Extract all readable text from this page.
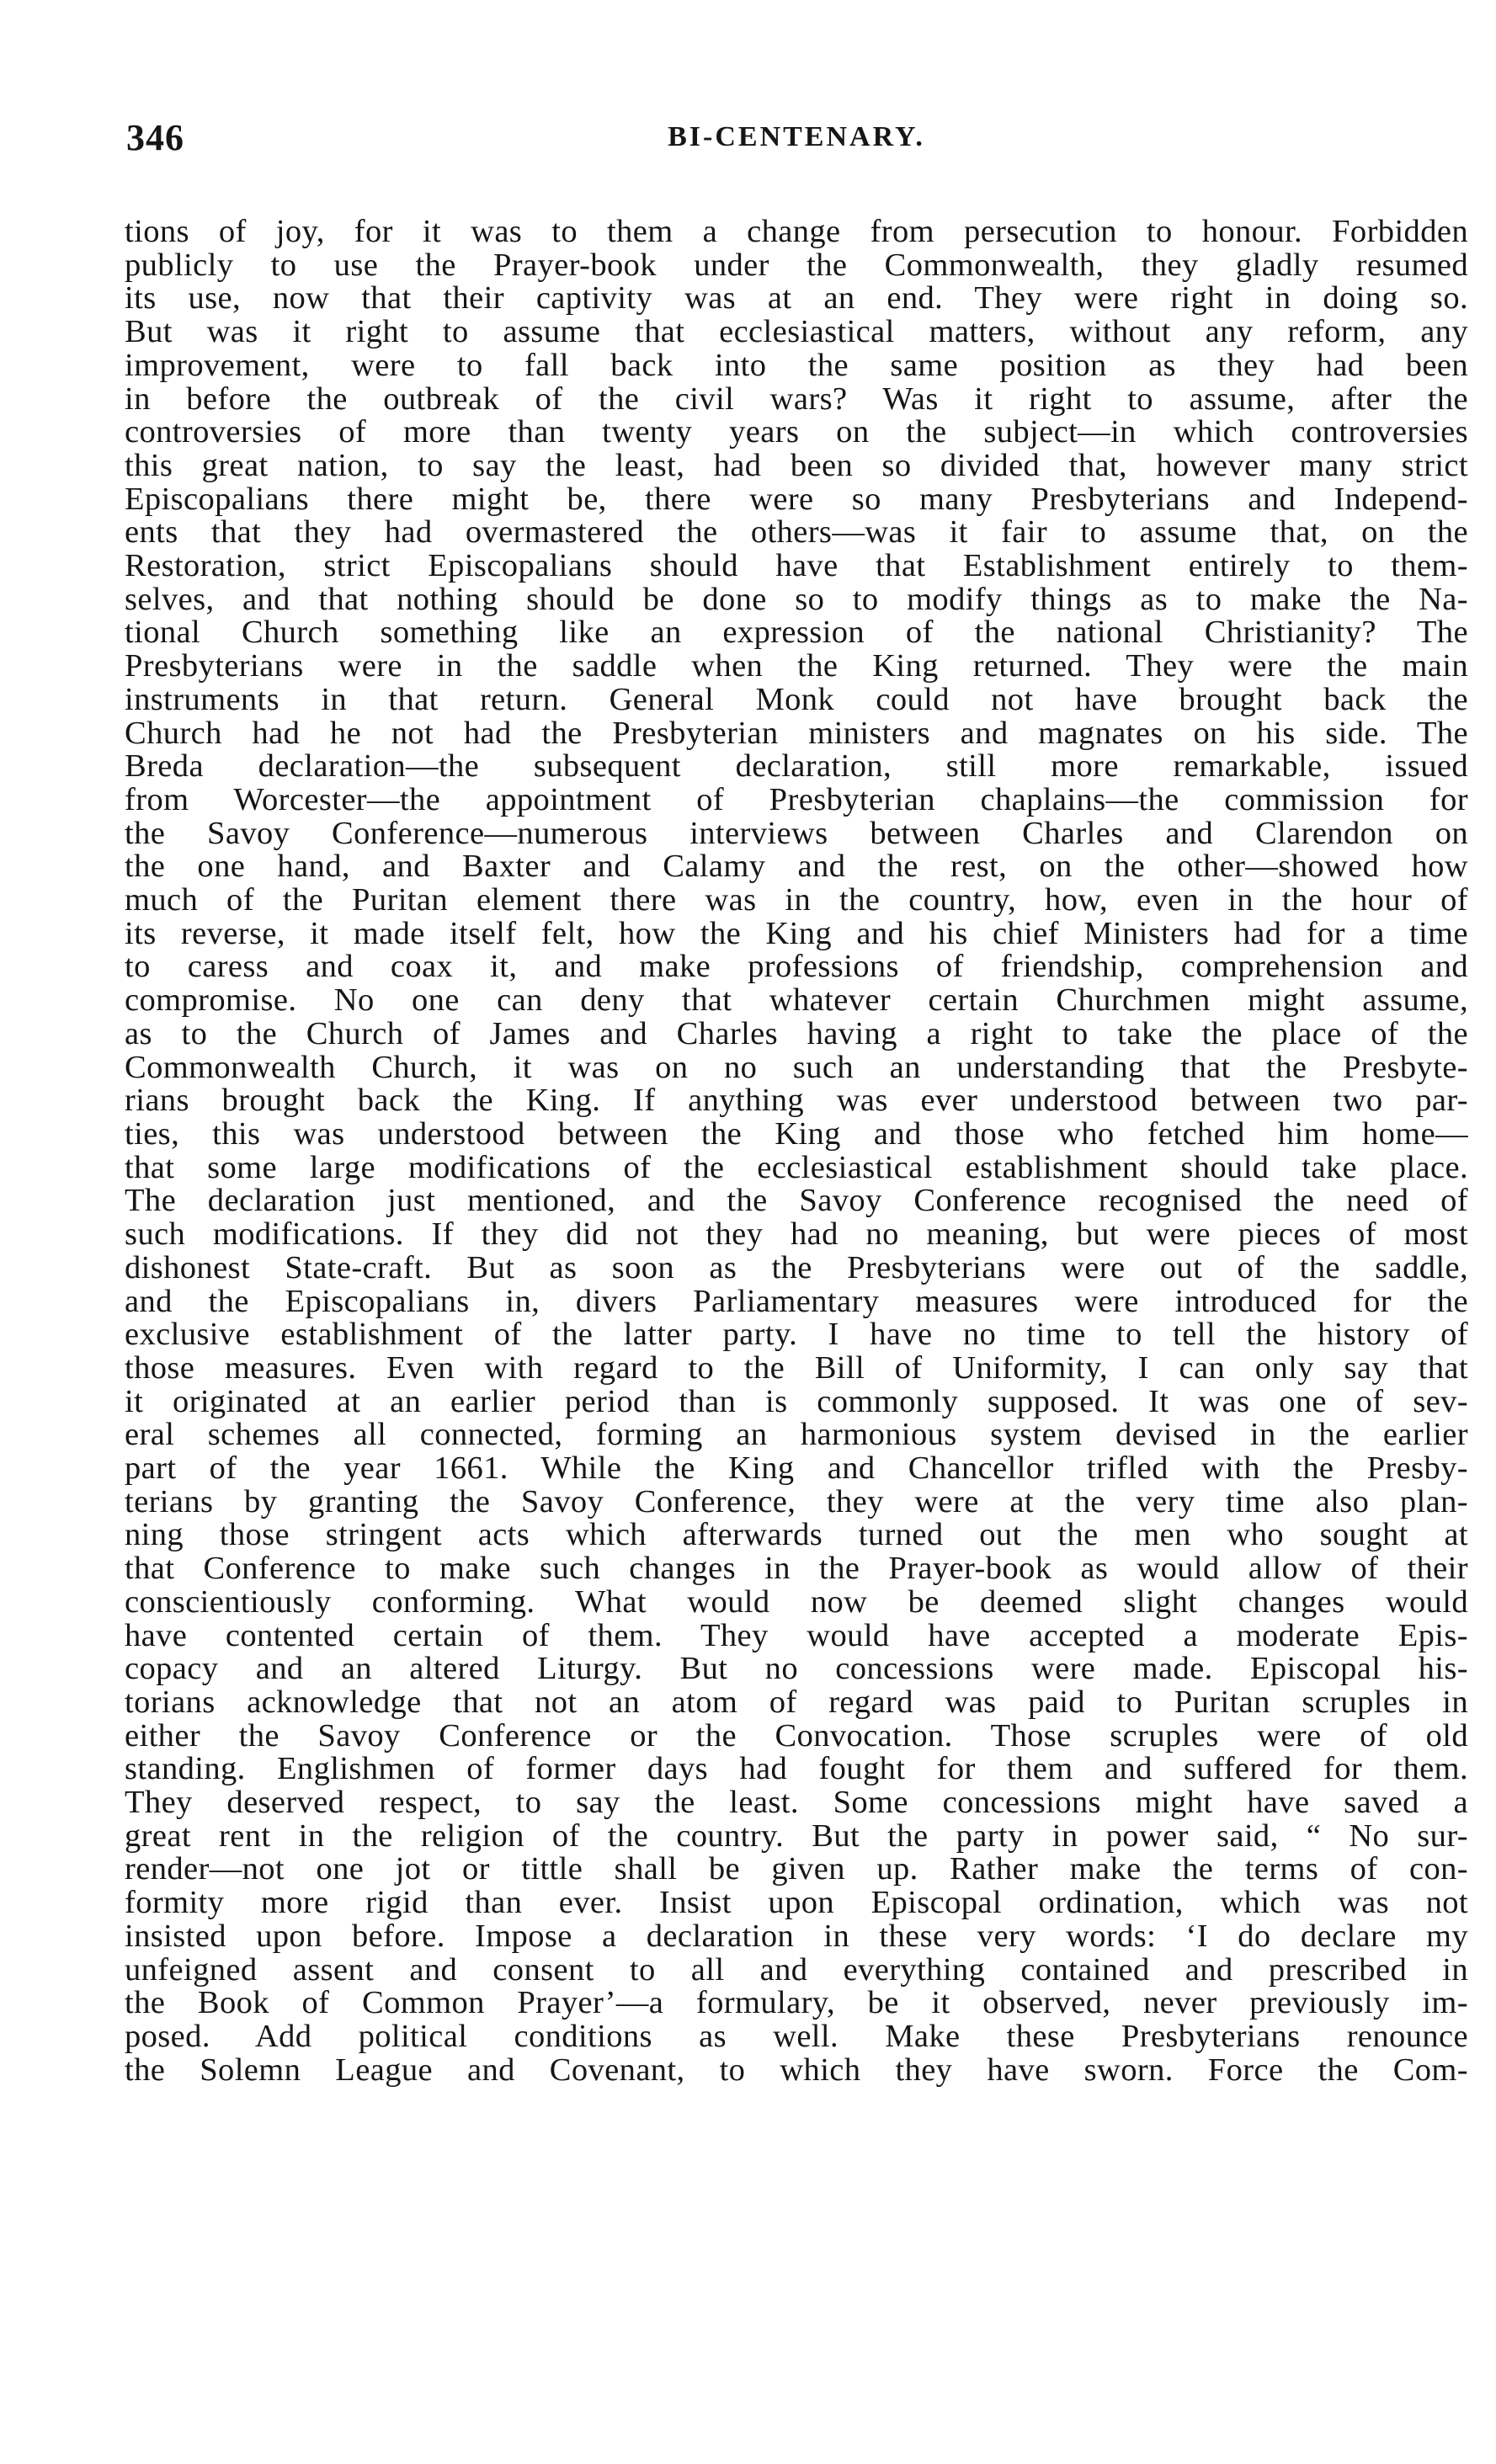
346	BI-CENTENARY.
tions of joy, for it was to them a change from persecution to honour. Forbidden
publicly to use the Prayer-book under the Commonwealth, they gladly resumed
its use, now that their captivity was at an end. They were right in doing so.
But was it right to assume that ecclesiastical matters, without any reform, any
improvement, were to fall back into the same position as they had been
in before the outbreak of the civil wars? Was it right to assume, after the
controversies of more than twenty years on the subject—in which controversies
this great nation, to say the least, had been so divided that, however many strict
Episcopalians there might be, there were so many Presbyterians and Independ-
ents that they had overmastered the others—was it fair to assume that, on the
Restoration, strict Episcopalians should have that Establishment entirely to them-
selves, and that nothing should be done so to modify things as to make the Na-
tional Church something like an expression of the national Christianity? The
Presbyterians were in the saddle when the King returned. They were the main
instruments in that return. General Monk could not have brought back the
Church had he not had the Presbyterian ministers and magnates on his side. The
Breda declaration—the subsequent declaration, still more remarkable, issued
from Worcester—the appointment of Presbyterian chaplains—the commission for
the Savoy Conference—numerous interviews between Charles and Clarendon on
the one hand, and Baxter and Calamy and the rest, on the other—showed how
much of the Puritan element there was in the country, how, even in the hour of
its reverse, it made itself felt, how the King and his chief Ministers had for a time
to caress and coax it, and make professions of friendship, comprehension and
compromise. No one can deny that whatever certain Churchmen might assume,
as to the Church of James and Charles having a right to take the place of the
Commonwealth Church, it was on no such an understanding that the Presbyte-
rians brought back the King. If anything was ever understood between two par-
ties, this was understood between the King and those who fetched him home—
that some large modifications of the ecclesiastical establishment should take place.
The declaration just mentioned, and the Savoy Conference recognised the need of
such modifications. If they did not they had no meaning, but were pieces of most
dishonest State-craft. But as soon as the Presbyterians were out of the saddle,
and the Episcopalians in, divers Parliamentary measures were introduced for the
exclusive establishment of the latter party. I have no time to tell the history of
those measures. Even with regard to the Bill of Uniformity, I can only say that
it originated at an earlier period than is commonly supposed. It was one of sev-
eral schemes all connected, forming an harmonious system devised in the earlier
part of the year 1661. While the King and Chancellor trifled with the Presby-
terians by granting the Savoy Conference, they were at the very time also plan-
ning those stringent acts which afterwards turned out the men who sought at
that Conference to make such changes in the Prayer-book as would allow of their
conscientiously conforming. What would now be deemed slight changes would
have contented certain of them. They would have accepted a moderate Epis-
copacy and an altered Liturgy. But no concessions were made. Episcopal his-
torians acknowledge that not an atom of regard was paid to Puritan scruples in
either the Savoy Conference or the Convocation. Those scruples were of old
standing. Englishmen of former days had fought for them and suffered for them.
They deserved respect, to say the least. Some concessions might have saved a
great rent in the religion of the country. But the party in power said, “ No sur-
render—not one jot or tittle shall be given up. Rather make the terms of con-
formity more rigid than ever. Insist upon Episcopal ordination, which was not
insisted upon before. Impose a declaration in these very words: ‘I do declare my
unfeigned assent and consent to all and everything contained and prescribed in
the Book of Common Prayer’—a formulary, be it observed, never previously im-
posed. Add political conditions as well. Make these Presbyterians renounce
the Solemn League and Covenant, to which they have sworn. Force the Com-
